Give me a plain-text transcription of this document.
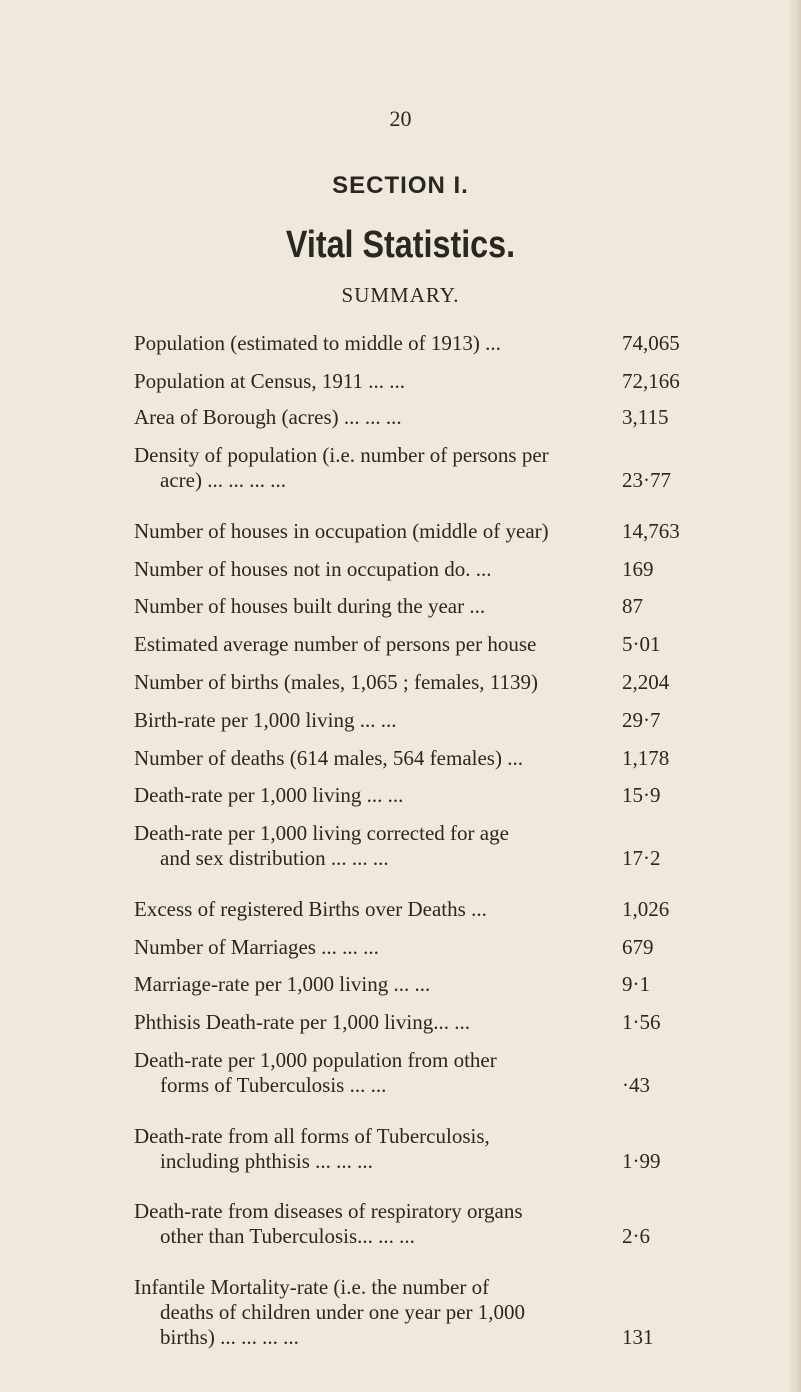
20
SECTION I.
Vital Statistics.
SUMMARY.
Population (estimated to middle of 1913) ...	74,065
Population at Census, 1911 ... ...	72,166
Area of Borough (acres) ... ... ...	3,115
Density of population (i.e. number of persons per
acre) ... ... ... ...	23·77
Number of houses in occupation (middle of year)	14,763
Number of houses not in occupation do. ...	169
Number of houses built during the year ...	87
Estimated average number of persons per house	5·01
Number of births (males, 1,065 ; females, 1139)	2,204
Birth-rate per 1,000 living ... ...	29·7
Number of deaths (614 males, 564 females) ...	1,178
Death-rate per 1,000 living ... ...	15·9
Death-rate per 1,000 living corrected for age
and sex distribution ... ... ...	17·2
Excess of registered Births over Deaths ...	1,026
Number of Marriages ... ... ...	679
Marriage-rate per 1,000 living ... ...	9·1
Phthisis Death-rate per 1,000 living... ...	1·56
Death-rate per 1,000 population from other
forms of Tuberculosis ... ...	·43
Death-rate from all forms of Tuberculosis,
including phthisis ... ... ...	1·99
Death-rate from diseases of respiratory organs
other than Tuberculosis... ... ...	2·6
Infantile Mortality-rate (i.e. the number of
deaths of children under one year per 1,000
births) ... ... ... ...	131
